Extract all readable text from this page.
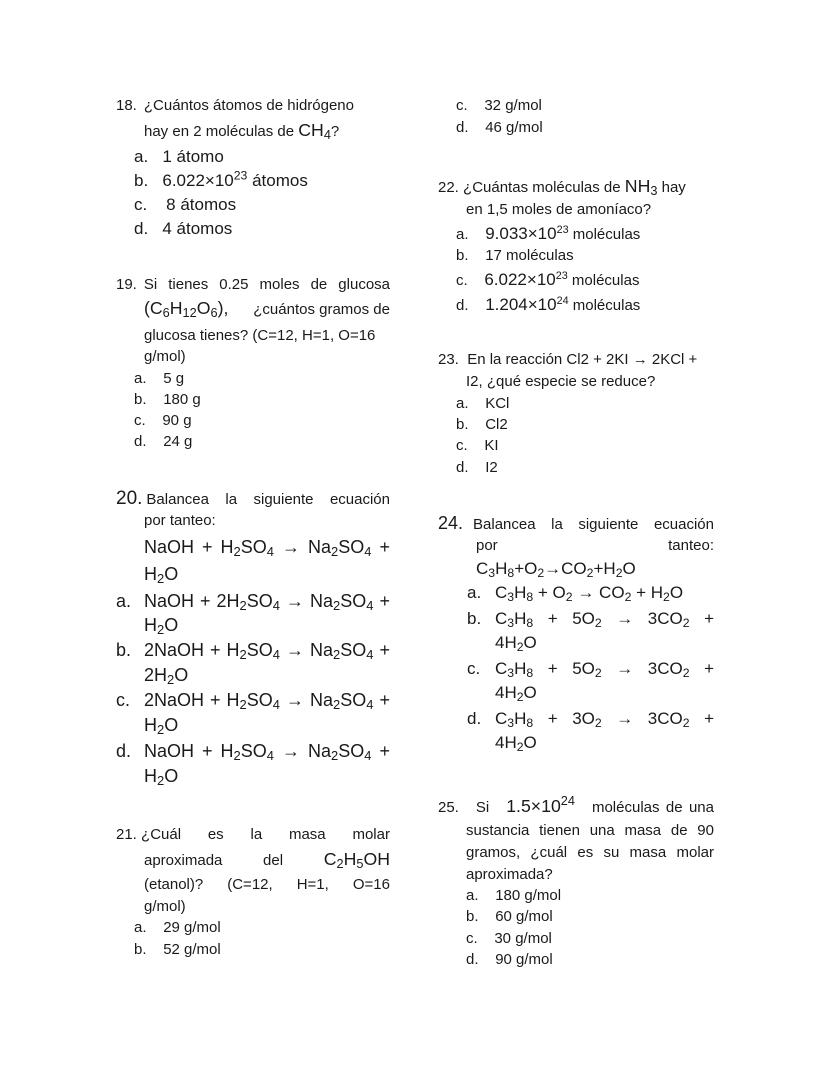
18. ¿Cuántos átomos de hidrógeno
hay en 2 moléculas de $CH_4$?
a. 1 átomo
b. $6.022\times 10^{23}$ átomos
c. 8 átomos
d. 4 átomos
19. Si tienes 0.25 moles de glucosa
$(C_6H_{12}O_6)$, ¿cuántos gramos de
glucosa tienes? (C=12, H=1, O=16
g/mol)
a. 5 g
b. 180 g
c. 90 g
d. 24 g
20. Balancea la siguiente ecuación
por tanteo:
NaOH + $H_2SO_4 \to Na_2SO_4$ +
$H_2O$
a. NaOH + $2H_2SO_4 \to Na_2SO_4$ +
$H_2O$
b. 2NaOH + $H_2SO_4 \to Na_2SO_4$ +
$2H_2O$
c. 2NaOH + $H_2SO_4 \to Na_2SO_4$ +
$H_2O$
d. NaOH + $H_2SO_4 \to Na_2SO_4$ +
$H_2O$
21. ¿Cuál es la masa molar
aproximada	del $C_2H_5OH$
(etanol)? (C=12, H=1, O=16
g/mol)
a. 29 g/mol
b. 52 g/mol
c. 32 g/mol
d. 46 g/mol
22.
¿Cuántas moléculas de
$NH_3$
hay
en 1,5 moles de amoníaco?
a. $9.033\times 10^{23}$ moléculas
b. 17 moléculas
c. $6.022\times 10^{23}$ moléculas
d. $1.204\times 10^{24}$ moléculas
23. En la reacción Cl2 + 2KI → 2KCl +
I2, ¿qué especie se reduce?
a. KCl
b. Cl2
c. KI
d. I2
24. Balancea la siguiente ecuación
por	tanteo:
$C_3H_8+O_2\to CO_2+H_2O$
a. $C_3H_8 + O_2 \to CO_2 + H_2O$
b. $C_3H_8 + 5O_2 \to 3CO_2$ +
$4H_2O$
c. $C_3H_8 + 5O_2 \to 3CO_2$ +
$4H_2O$
d. $C_3H_8 + 3O_2 \to 3CO_2$ +
$4H_2O$
25. Si $1.5\times 10^{24}$ moléculas de una
sustancia tienen una masa de 90
gramos, ¿cuál es su masa molar
aproximada?
a. 180 g/mol
b. 60 g/mol
c. 30 g/mol
d. 90 g/mol
